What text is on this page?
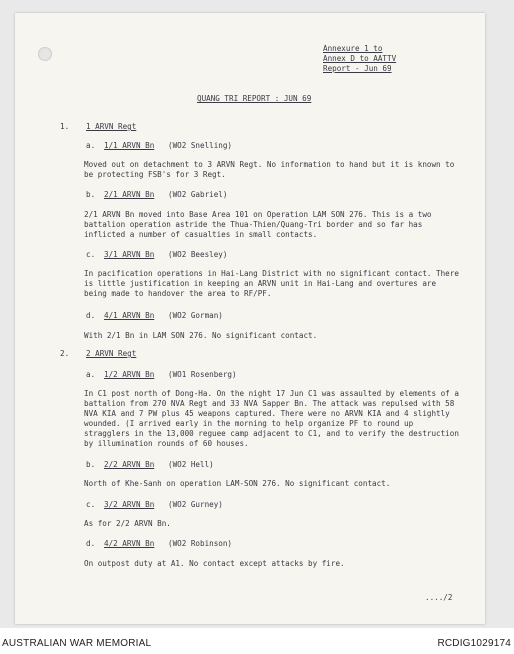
Annexure 1 to
Annex D to AATTV
Report - Jun 69
QUANG TRI REPORT : JUN 69
1. 1 ARVN Regt
a. 1/1 ARVN Bn (WO2 Snelling)
Moved out on detachment to 3 ARVN Regt. No information to hand but it is known to be protecting FSB's for 3 Regt.
b. 2/1 ARVN Bn (WO2 Gabriel)
2/1 ARVN Bn moved into Base Area 101 on Operation LAM SON 276. This is a two battalion operation astride the Thua-Thien/Quang-Tri border and so far has inflicted a number of casualties in small contacts.
c. 3/1 ARVN Bn (WO2 Beesley)
In pacification operations in Hai-Lang District with no significant contact. There is little justification in keeping an ARVN unit in Hai-Lang and overtures are being made to handover the area to RF/PF.
d. 4/1 ARVN Bn (WO2 Gorman)
With 2/1 Bn in LAM SON 276. No significant contact.
2. 2 ARVN Regt
a. 1/2 ARVN Bn (WO1 Rosenberg)
In C1 post north of Dong-Ha. On the night 17 Jun C1 was assaulted by elements of a battalion from 270 NVA Regt and 33 NVA Sapper Bn. The attack was repulsed with 58 NVA KIA and 7 PW plus 45 weapons captured. There were no ARVN KIA and 4 slightly wounded. (I arrived early in the morning to help organize PF to round up stragglers in the 13,000 reguee camp adjacent to C1, and to verify the destruction by illumination rounds of 60 houses.
b. 2/2 ARVN Bn (WO2 Hell)
North of Khe-Sanh on operation LAM-SON 276. No significant contact.
c. 3/2 ARVN Bn (WO2 Gurney)
As for 2/2 ARVN Bn.
d. 4/2 ARVN Bn (WO2 Robinson)
On outpost duty at A1. No contact except attacks by fire.
..../2
AUSTRALIAN WAR MEMORIAL	RCDIG1029174
